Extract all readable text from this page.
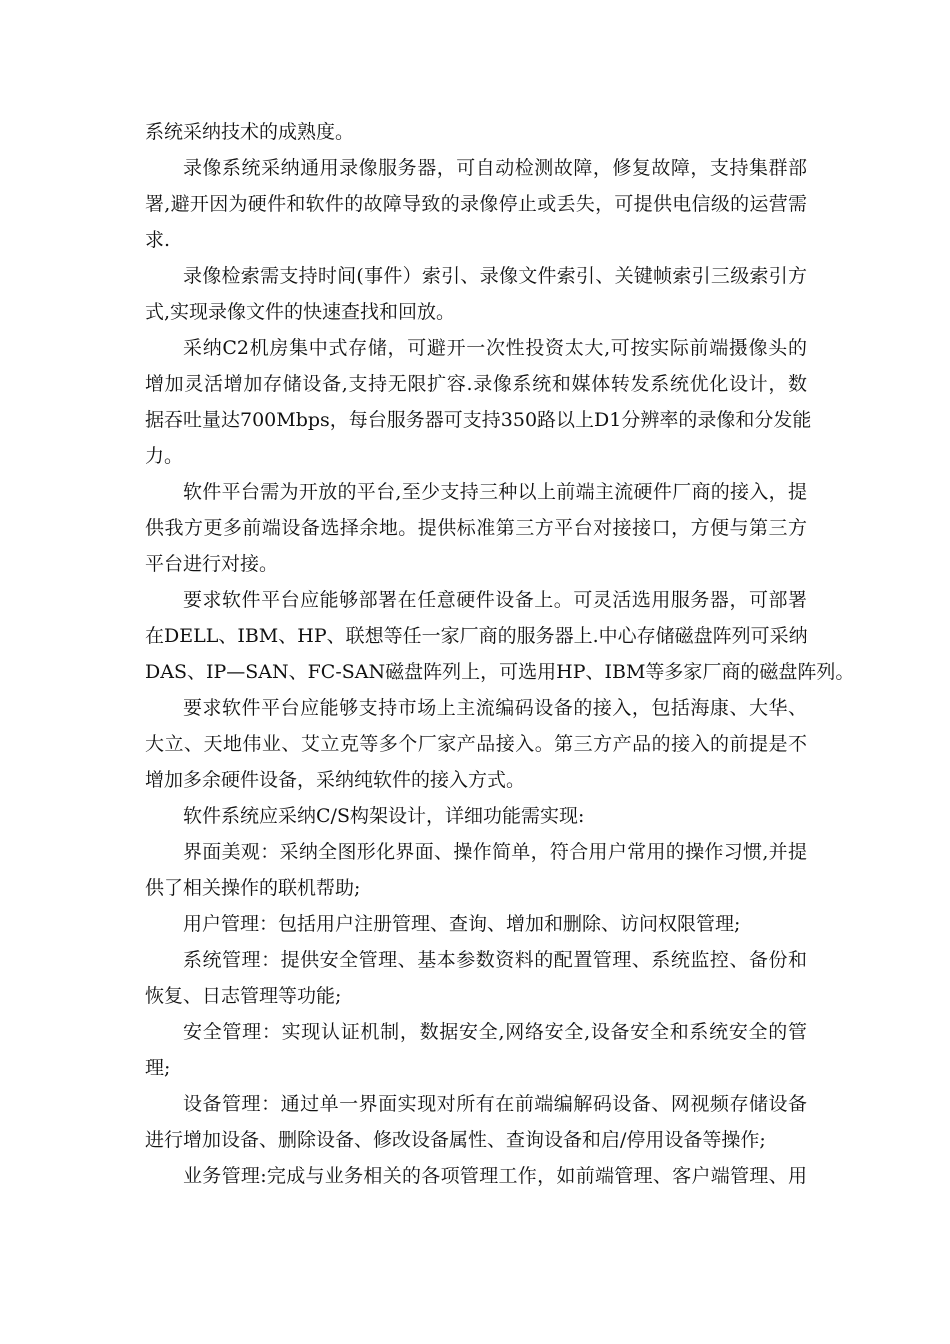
系统采纳技术的成熟度。
录像系统采纳通用录像服务器，可自动检测故障，修复故障，支持集群部
署,避开因为硬件和软件的故障导致的录像停止或丢失，可提供电信级的运营需
求.
录像检索需支持时间(事件）索引、录像文件索引、关键帧索引三级索引方
式,实现录像文件的快速查找和回放。
采纳C2机房集中式存储，可避开一次性投资太大,可按实际前端摄像头的
增加灵活增加存储设备,支持无限扩容.录像系统和媒体转发系统优化设计，数
据吞吐量达700Mbps，每台服务器可支持350路以上D1分辨率的录像和分发能
力。
软件平台需为开放的平台,至少支持三种以上前端主流硬件厂商的接入，提
供我方更多前端设备选择余地。提供标准第三方平台对接接口，方便与第三方
平台进行对接。
要求软件平台应能够部署在任意硬件设备上。可灵活选用服务器，可部署
在DELL、IBM、HP、联想等任一家厂商的服务器上.中心存储磁盘阵列可采纳
DAS、IP—SAN、FC-SAN磁盘阵列上，可选用HP、IBM等多家厂商的磁盘阵列。
要求软件平台应能够支持市场上主流编码设备的接入，包括海康、大华、
大立、天地伟业、艾立克等多个厂家产品接入。第三方产品的接入的前提是不
增加多余硬件设备，采纳纯软件的接入方式。
软件系统应采纳C/S构架设计，详细功能需实现:
界面美观：采纳全图形化界面、操作简单，符合用户常用的操作习惯,并提
供了相关操作的联机帮助;
用户管理：包括用户注册管理、查询、增加和删除、访问权限管理;
系统管理：提供安全管理、基本参数资料的配置管理、系统监控、备份和
恢复、日志管理等功能;
安全管理：实现认证机制，数据安全,网络安全,设备安全和系统安全的管
理;
设备管理：通过单一界面实现对所有在前端编解码设备、网视频存储设备
进行增加设备、删除设备、修改设备属性、查询设备和启/停用设备等操作;
业务管理:完成与业务相关的各项管理工作，如前端管理、客户端管理、用
